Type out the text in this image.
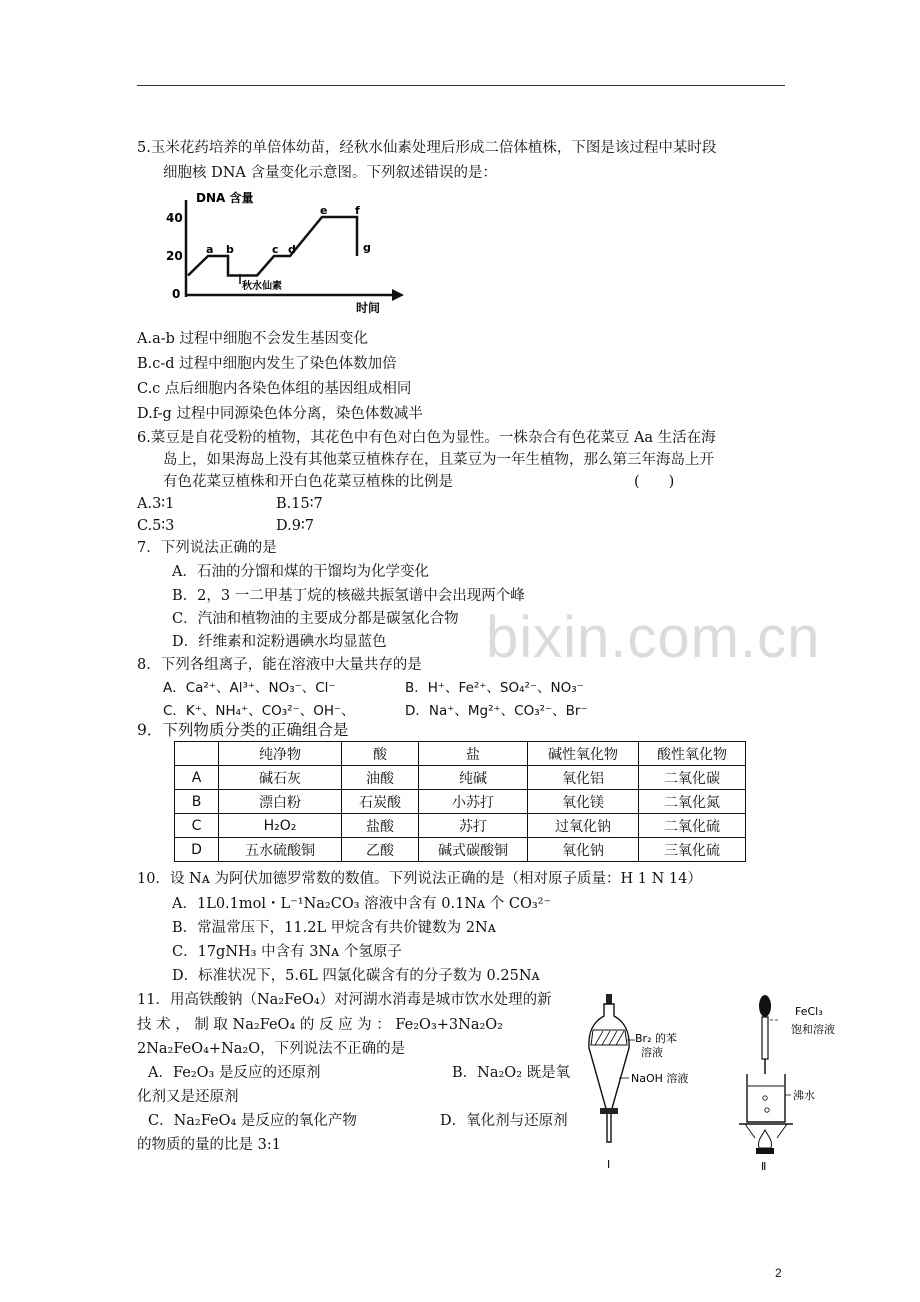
bixin.com.cn
5.玉米花药培养的单倍体幼苗，经秋水仙素处理后形成二倍体植株，下图是该过程中某时段
细胞核 DNA 含量变化示意图。下列叙述错误的是：
DNA 含量
40
20
0
时间
秋水仙素
a b	c d
e	f
g
A.a-b 过程中细胞不会发生基因变化
B.c-d 过程中细胞内发生了染色体数加倍
C.c 点后细胞内各染色体组的基因组成相同
D.f-g 过程中同源染色体分离，染色体数减半
6.菜豆是自花受粉的植物，其花色中有色对白色为显性。一株杂合有色花菜豆 Aa 生活在海
岛上，如果海岛上没有其他菜豆植株存在，且菜豆为一年生植物，那么第三年海岛上开
有色花菜豆植株和开白色花菜豆植株的比例是	(　　)
A.3∶1	B.15∶7
C.5∶3	D.9∶7
7．下列说法正确的是
A．石油的分馏和煤的干馏均为化学变化
B．2，3 一二甲基丁烷的核磁共振氢谱中会出现两个峰
C．汽油和植物油的主要成分都是碳氢化合物
D．纤维素和淀粉遇碘水均显蓝色
8．下列各组离子，能在溶液中大量共存的是
A．Ca²⁺、Al³⁺、NO₃⁻、Cl⁻	B．H⁺、Fe²⁺、SO₄²⁻、NO₃⁻
C．K⁺、NH₄⁺、CO₃²⁻、OH⁻、	D．Na⁺、Mg²⁺、CO₃²⁻、Br⁻
9．下列物质分类的正确组合是
	纯净物	酸	盐	碱性氧化物	酸性氧化物
A	碱石灰	油酸	纯碱	氧化铝	二氧化碳
B	漂白粉	石炭酸	小苏打	氧化镁	二氧化氮
C	H₂O₂	盐酸	苏打	过氧化钠	二氧化硫
D	五水硫酸铜	乙酸	碱式碳酸铜	氧化钠	三氧化硫
10．设 Nᴀ 为阿伏加德罗常数的数值。下列说法正确的是（相对原子质量：H 1 N 14）
A．1L0.1mol・L⁻¹Na₂CO₃ 溶液中含有 0.1Nᴀ 个 CO₃²⁻
B．常温常压下，11.2L 甲烷含有共价键数为 2Nᴀ
C．17gNH₃ 中含有 3Nᴀ 个氢原子
D．标准状况下，5.6L 四氯化碳含有的分子数为 0.25Nᴀ
11．用高铁酸钠（Na₂FeO₄）对河湖水消毒是城市饮水处理的新
技 术 ， 制 取 Na₂FeO₄ 的 反 应 为 ： Fe₂O₃+3Na₂O₂
2Na₂FeO₄+Na₂O，下列说法不正确的是
A．Fe₂O₃ 是反应的还原剂	B．Na₂O₂ 既是氧
化剂又是还原剂
C．Na₂FeO₄ 是反应的氧化产物	D．氧化剂与还原剂
的物质的量的比是 3:1
Br₂ 的苯
溶液
NaOH 溶液
Ⅰ
FeCl₃
饱和溶液
沸水
Ⅱ
2
